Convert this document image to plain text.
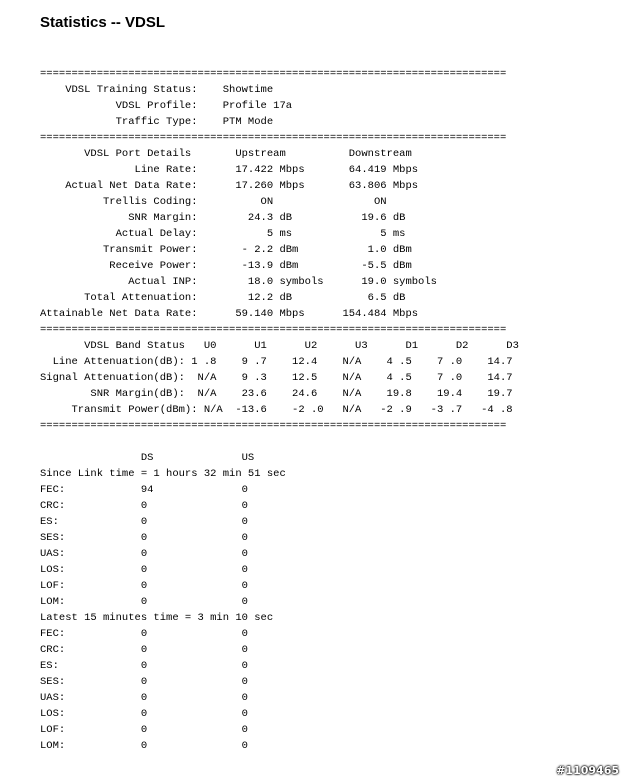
Statistics -- VDSL
==========================================================================
VDSL Training Status:    Showtime
VDSL Profile:    Profile 17a
Traffic Type:    PTM Mode
==========================================================================
VDSL Port Details       Upstream          Downstream
Line Rate:      17.422 Mbps       64.419 Mbps
Actual Net Data Rate:      17.260 Mbps       63.806 Mbps
Trellis Coding:          ON                ON
SNR Margin:        24.3 dB           19.6 dB
Actual Delay:           5 ms              5 ms
Transmit Power:       - 2.2 dBm           1.0 dBm
Receive Power:       -13.9 dBm          -5.5 dBm
Actual INP:        18.0 symbols      19.0 symbols
Total Attenuation:        12.2 dB            6.5 dB
Attainable Net Data Rate:      59.140 Mbps      154.484 Mbps
==========================================================================
VDSL Band Status   U0      U1      U2      U3      D1      D2      D3
Line Attenuation(dB): 1 .8    9 .7    12.4    N/A    4 .5    7 .0    14.7
Signal Attenuation(dB):  N/A    9 .3    12.5    N/A    4 .5    7 .0    14.7
SNR Margin(dB):  N/A    23.6    24.6    N/A    19.8    19.4    19.7
Transmit Power(dBm): N/A  -13.6    -2 .0   N/A   -2 .9   -3 .7   -4 .8
==========================================================================

DS              US
Since Link time = 1 hours 32 min 51 sec
FEC:            94              0
CRC:            0               0
ES:             0               0
SES:            0               0
UAS:            0               0
LOS:            0               0
LOF:            0               0
LOM:            0               0
Latest 15 minutes time = 3 min 10 sec
FEC:            0               0
CRC:            0               0
ES:             0               0
SES:            0               0
UAS:            0               0
LOS:            0               0
LOF:            0               0
LOM:            0               0
#1109465
